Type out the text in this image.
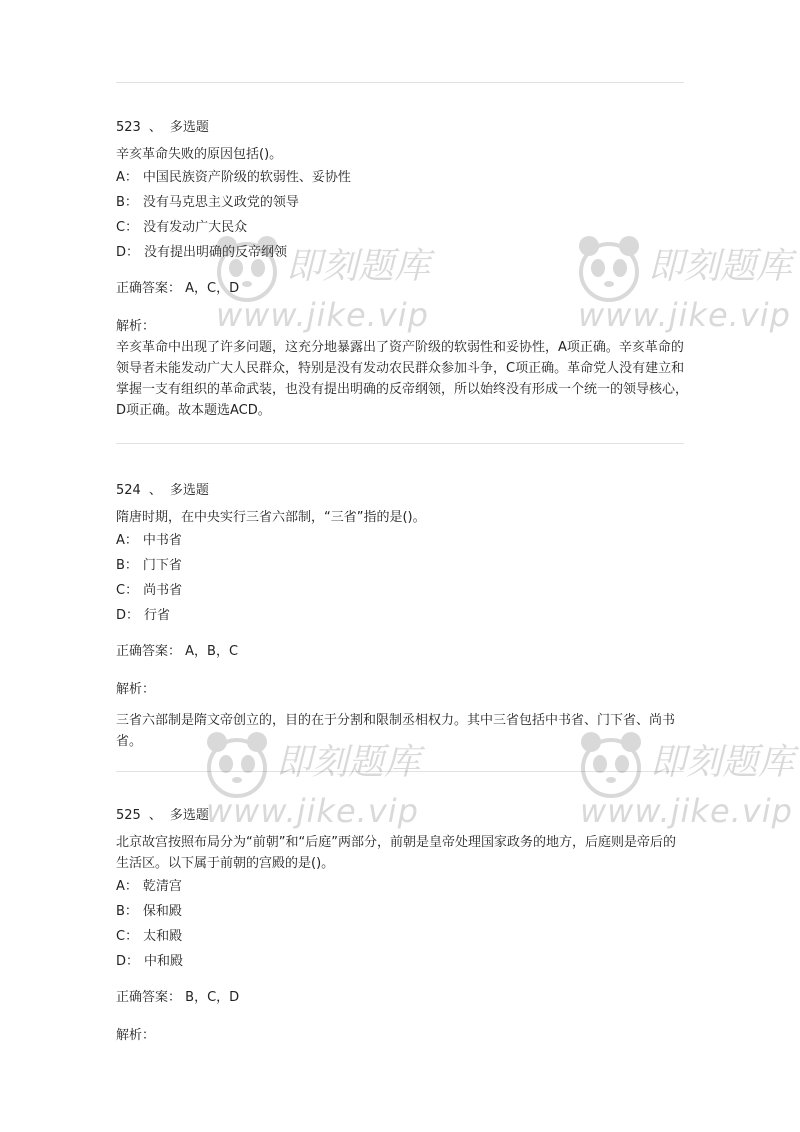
523 、 多选题
辛亥革命失败的原因包括()。
A： 中国民族资产阶级的软弱性、妥协性
B： 没有马克思主义政党的领导
C： 没有发动广大民众
D： 没有提出明确的反帝纲领
正确答案： A，C，D
解析：
辛亥革命中出现了许多问题，这充分地暴露出了资产阶级的软弱性和妥协性，A项正确。辛亥革命的领导者未能发动广大人民群众，特别是没有发动农民群众参加斗争，C项正确。革命党人没有建立和掌握一支有组织的革命武装，也没有提出明确的反帝纲领，所以始终没有形成一个统一的领导核心，D项正确。故本题选ACD。
524 、 多选题
隋唐时期，在中央实行三省六部制，“三省”指的是()。
A： 中书省
B： 门下省
C： 尚书省
D： 行省
正确答案： A，B，C
解析：
三省六部制是隋文帝创立的，目的在于分割和限制丞相权力。其中三省包括中书省、门下省、尚书省。
525 、 多选题
北京故宫按照布局分为“前朝”和“后庭”两部分，前朝是皇帝处理国家政务的地方，后庭则是帝后的生活区。以下属于前朝的宫殿的是()。
A： 乾清宫
B： 保和殿
C： 太和殿
D： 中和殿
正确答案： B，C，D
解析：
即刻题库
www.jike.vip
即刻题库
www.jike.vip
即刻题库
www.jike.vip
即刻题库
www.jike.vip
